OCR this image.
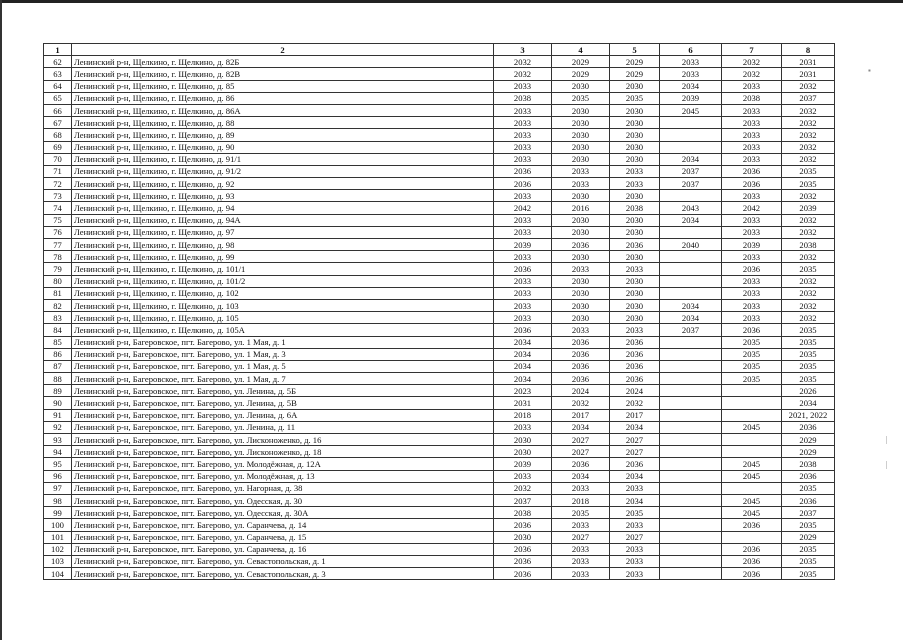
1	2	3	4	5	6	7	8
62	Ленинский р-н, Щелкино, г. Щелкино, д. 82Б	2032	2029	2029	2033	2032	2031
63	Ленинский р-н, Щелкино, г. Щелкино, д. 82В	2032	2029	2029	2033	2032	2031
64	Ленинский р-н, Щелкино, г. Щелкино, д. 85	2033	2030	2030	2034	2033	2032
65	Ленинский р-н, Щелкино, г. Щелкино, д. 86	2038	2035	2035	2039	2038	2037
66	Ленинский р-н, Щелкино, г. Щелкино, д. 86А	2033	2030	2030	2045	2033	2032
67	Ленинский р-н, Щелкино, г. Щелкино, д. 88	2033	2030	2030		2033	2032
68	Ленинский р-н, Щелкино, г. Щелкино, д. 89	2033	2030	2030		2033	2032
69	Ленинский р-н, Щелкино, г. Щелкино, д. 90	2033	2030	2030		2033	2032
70	Ленинский р-н, Щелкино, г. Щелкино, д. 91/1	2033	2030	2030	2034	2033	2032
71	Ленинский р-н, Щелкино, г. Щелкино, д. 91/2	2036	2033	2033	2037	2036	2035
72	Ленинский р-н, Щелкино, г. Щелкино, д. 92	2036	2033	2033	2037	2036	2035
73	Ленинский р-н, Щелкино, г. Щелкино, д. 93	2033	2030	2030		2033	2032
74	Ленинский р-н, Щелкино, г. Щелкино, д. 94	2042	2016	2038	2043	2042	2039
75	Ленинский р-н, Щелкино, г. Щелкино, д. 94А	2033	2030	2030	2034	2033	2032
76	Ленинский р-н, Щелкино, г. Щелкино, д. 97	2033	2030	2030		2033	2032
77	Ленинский р-н, Щелкино, г. Щелкино, д. 98	2039	2036	2036	2040	2039	2038
78	Ленинский р-н, Щелкино, г. Щелкино, д. 99	2033	2030	2030		2033	2032
79	Ленинский р-н, Щелкино, г. Щелкино, д. 101/1	2036	2033	2033		2036	2035
80	Ленинский р-н, Щелкино, г. Щелкино, д. 101/2	2033	2030	2030		2033	2032
81	Ленинский р-н, Щелкино, г. Щелкино, д. 102	2033	2030	2030		2033	2032
82	Ленинский р-н, Щелкино, г. Щелкино, д. 103	2033	2030	2030	2034	2033	2032
83	Ленинский р-н, Щелкино, г. Щелкино, д. 105	2033	2030	2030	2034	2033	2032
84	Ленинский р-н, Щелкино, г. Щелкино, д. 105А	2036	2033	2033	2037	2036	2035
85	Ленинский р-н, Багеровское, пгт. Багерово, ул. 1 Мая, д. 1	2034	2036	2036		2035	2035
86	Ленинский р-н, Багеровское, пгт. Багерово, ул. 1 Мая, д. 3	2034	2036	2036		2035	2035
87	Ленинский р-н, Багеровское, пгт. Багерово, ул. 1 Мая, д. 5	2034	2036	2036		2035	2035
88	Ленинский р-н, Багеровское, пгт. Багерово, ул. 1 Мая, д. 7	2034	2036	2036		2035	2035
89	Ленинский р-н, Багеровское, пгт. Багерово, ул. Ленина, д. 5Б	2023	2024	2024			2026
90	Ленинский р-н, Багеровское, пгт. Багерово, ул. Ленина, д. 5В	2031	2032	2032			2034
91	Ленинский р-н, Багеровское, пгт. Багерово, ул. Ленина, д. 6А	2018	2017	2017			2021, 2022
92	Ленинский р-н, Багеровское, пгт. Багерово, ул. Ленина, д. 11	2033	2034	2034		2045	2036
93	Ленинский р-н, Багеровское, пгт. Багерово, ул. Лисконоженко, д. 16	2030	2027	2027			2029
94	Ленинский р-н, Багеровское, пгт. Багерово, ул. Лисконоженко, д. 18	2030	2027	2027			2029
95	Ленинский р-н, Багеровское, пгт. Багерово, ул. Молодёжная, д. 12А	2039	2036	2036		2045	2038
96	Ленинский р-н, Багеровское, пгт. Багерово, ул. Молодёжная, д. 13	2033	2034	2034		2045	2036
97	Ленинский р-н, Багеровское, пгт. Багерово, ул. Нагорная, д. 38	2032	2033	2033			2035
98	Ленинский р-н, Багеровское, пгт. Багерово, ул. Одесская, д. 30	2037	2018	2034		2045	2036
99	Ленинский р-н, Багеровское, пгт. Багерово, ул. Одесская, д. 30А	2038	2035	2035		2045	2037
100	Ленинский р-н, Багеровское, пгт. Багерово, ул. Саранчева, д. 14	2036	2033	2033		2036	2035
101	Ленинский р-н, Багеровское, пгт. Багерово, ул. Саранчева, д. 15	2030	2027	2027			2029
102	Ленинский р-н, Багеровское, пгт. Багерово, ул. Саранчева, д. 16	2036	2033	2033		2036	2035
103	Ленинский р-н, Багеровское, пгт. Багерово, ул. Севастопольская, д. 1	2036	2033	2033		2036	2035
104	Ленинский р-н, Багеровское, пгт. Багерово, ул. Севастопольская, д. 3	2036	2033	2033		2036	2035
▪
|
|
